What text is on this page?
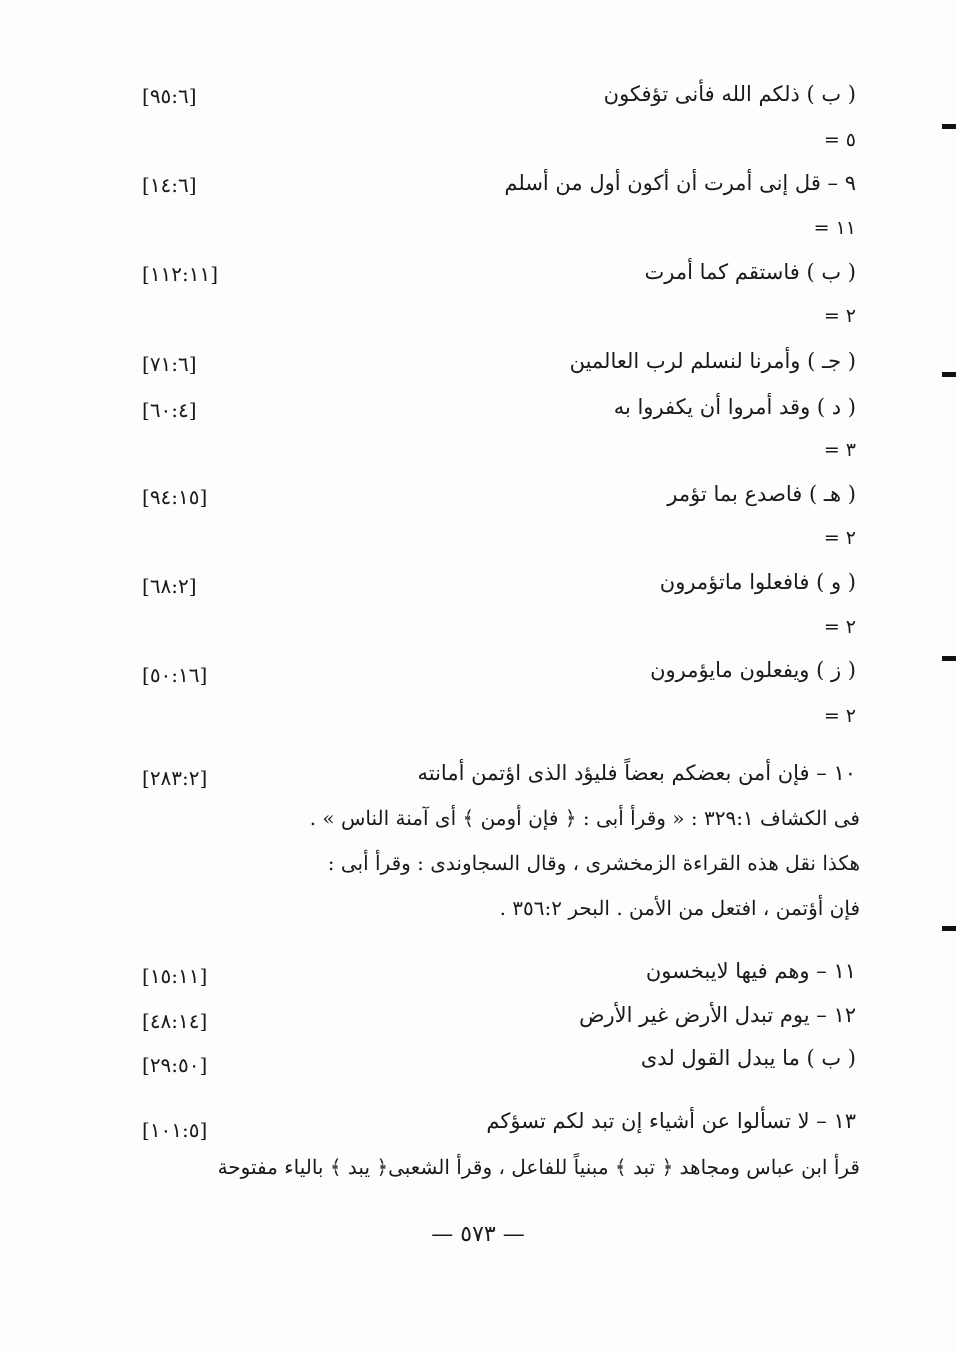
( ب ) ذلكم الله فأنى تؤفكون
[٩٥:٦]
٥ =
٩ – قل إنى أمرت أن أكون أول من أسلم
[١٤:٦]
١١ =
( ب ) فاستقم كما أمرت
[١١٢:١١]
٢ =
( جـ ) وأمرنا لنسلم لرب العالمين
[٧١:٦]
( د ) وقد أمروا أن يكفروا به
[٦٠:٤]
٣ =
( هـ ) فاصدع بما تؤمر
[٩٤:١٥]
٢ =
( و ) فافعلوا ماتؤمرون
[٦٨:٢]
٢ =
( ز ) ويفعلون مايؤمرون
[٥٠:١٦]
٢ =
١٠ – فإن أمن بعضكم بعضاً فليؤد الذى اؤتمن أمانته
[٢٨٣:٢]
فى الكشاف ٣٢٩:١ : « وقرأ أبى : ﴿ فإن أومن ﴾ أى آمنة الناس » .
هكذا نقل هذه القراءة الزمخشرى ، وقال السجاوندى : وقرأ أبى :
فإن أؤتمن ، افتعل من الأمن . البحر ٣٥٦:٢ .
١١ – وهم فيها لايبخسون
[١٥:١١]
١٢ – يوم تبدل الأرض غير الأرض
[٤٨:١٤]
( ب ) ما يبدل القول لدى
[٢٩:٥٠]
١٣ – لا تسألوا عن أشياء إن تبد لكم تسؤكم
[١٠١:٥]
قرأ ابن عباس ومجاهد ﴿ تبد ﴾ مبنياً للفاعل ، وقرأ الشعبى﴿ يبد ﴾ بالياء مفتوحة
— ٥٧٣ —
